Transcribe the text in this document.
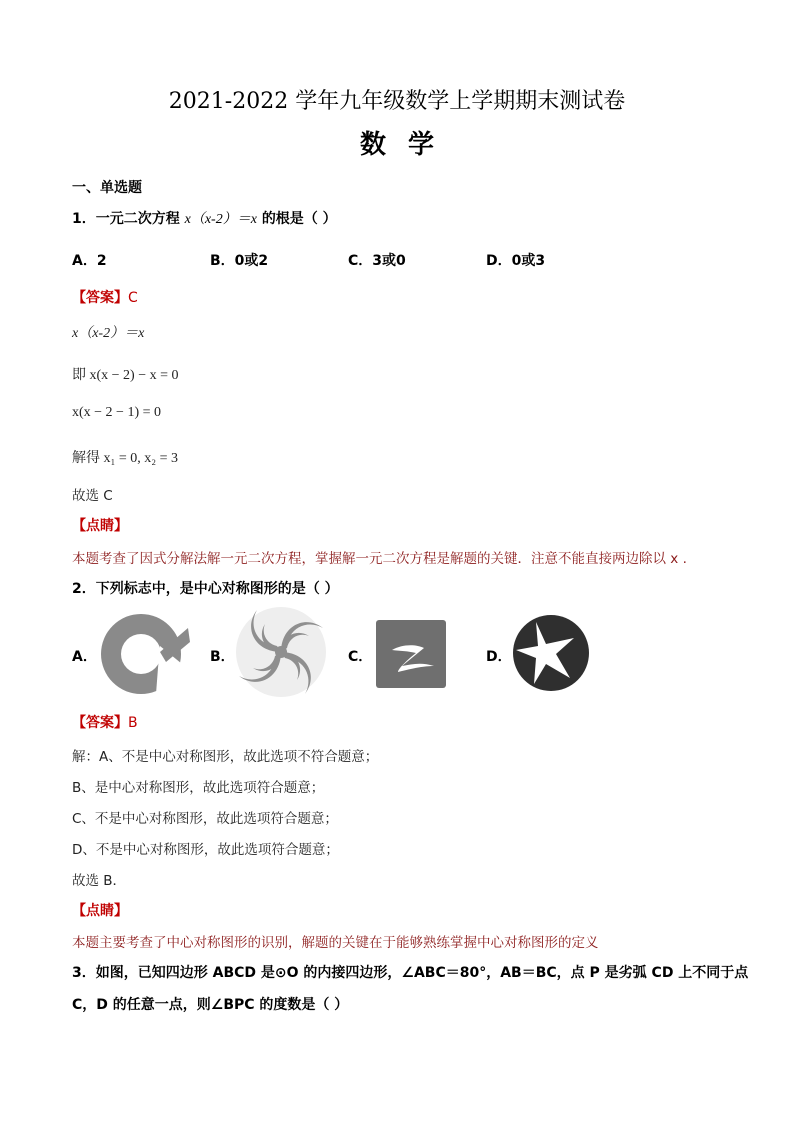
2021-2022 学年九年级数学上学期期末测试卷
数学
一、单选题
1．一元二次方程 x（x-2）＝x 的根是（ ）
A．2	B．0或2	C．3或0	D．0或3
【答案】C
x（x-2）＝x
即 x(x − 2) − x = 0
x(x − 2 − 1) = 0
解得 x₁ = 0, x₂ = 3
故选 C
【点睛】
本题考查了因式分解法解一元二次方程，掌握解一元二次方程是解题的关键．注意不能直接两边除以 x .
2．下列标志中，是中心对称图形的是（ ）
A．	B．	C．	D．
【答案】B
解：A、不是中心对称图形，故此选项不符合题意；
B、是中心对称图形，故此选项符合题意；
C、不是中心对称图形，故此选项符合题意；
D、不是中心对称图形，故此选项符合题意；
故选 B．
【点睛】
本题主要考查了中心对称图形的识别，解题的关键在于能够熟练掌握中心对称图形的定义
3．如图，已知四边形 ABCD 是⊙O 的内接四边形，∠ABC＝80°，AB＝BC，点 P 是劣弧 CD 上不同于点
C，D 的任意一点，则∠BPC 的度数是（ ）
